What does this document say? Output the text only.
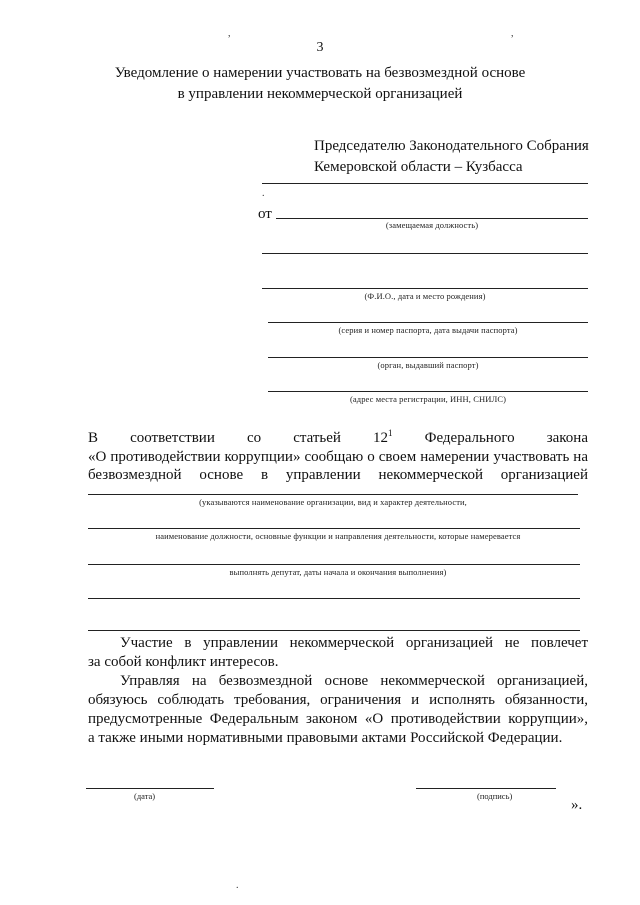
,	,
.
3
Уведомление о намерении участвовать на безвозмездной основе
в управлении некоммерческой организацией
Председателю Законодательного Собрания
Кемеровской области – Кузбасса
от
(замещаемая должность)
(Ф.И.О., дата и место рождения)
(серия и номер паспорта, дата выдачи паспорта)
(орган, выдавший паспорт)
(адрес места регистрации, ИНН, СНИЛС)
В соответствии со статьей $12^1$ Федерального закона
«О противодействии коррупции» сообщаю о своем намерении участвовать на
безвозмездной основе в управлении некоммерческой организацией
(указываются наименование организации, вид и характер деятельности,
наименование должности, основные функции и направления деятельности, которые намеревается
выполнять депутат, даты начала и окончания выполнения)
Участие в управлении некоммерческой организацией не повлечет
за собой конфликт интересов.
Управляя на безвозмездной основе некоммерческой организацией,
обязуюсь соблюдать требования, ограничения и исполнять обязанности,
предусмотренные Федеральным законом «О противодействии коррупции»,
а также иными нормативными правовыми актами Российской Федерации.
(дата)	(подпись)
».
.
